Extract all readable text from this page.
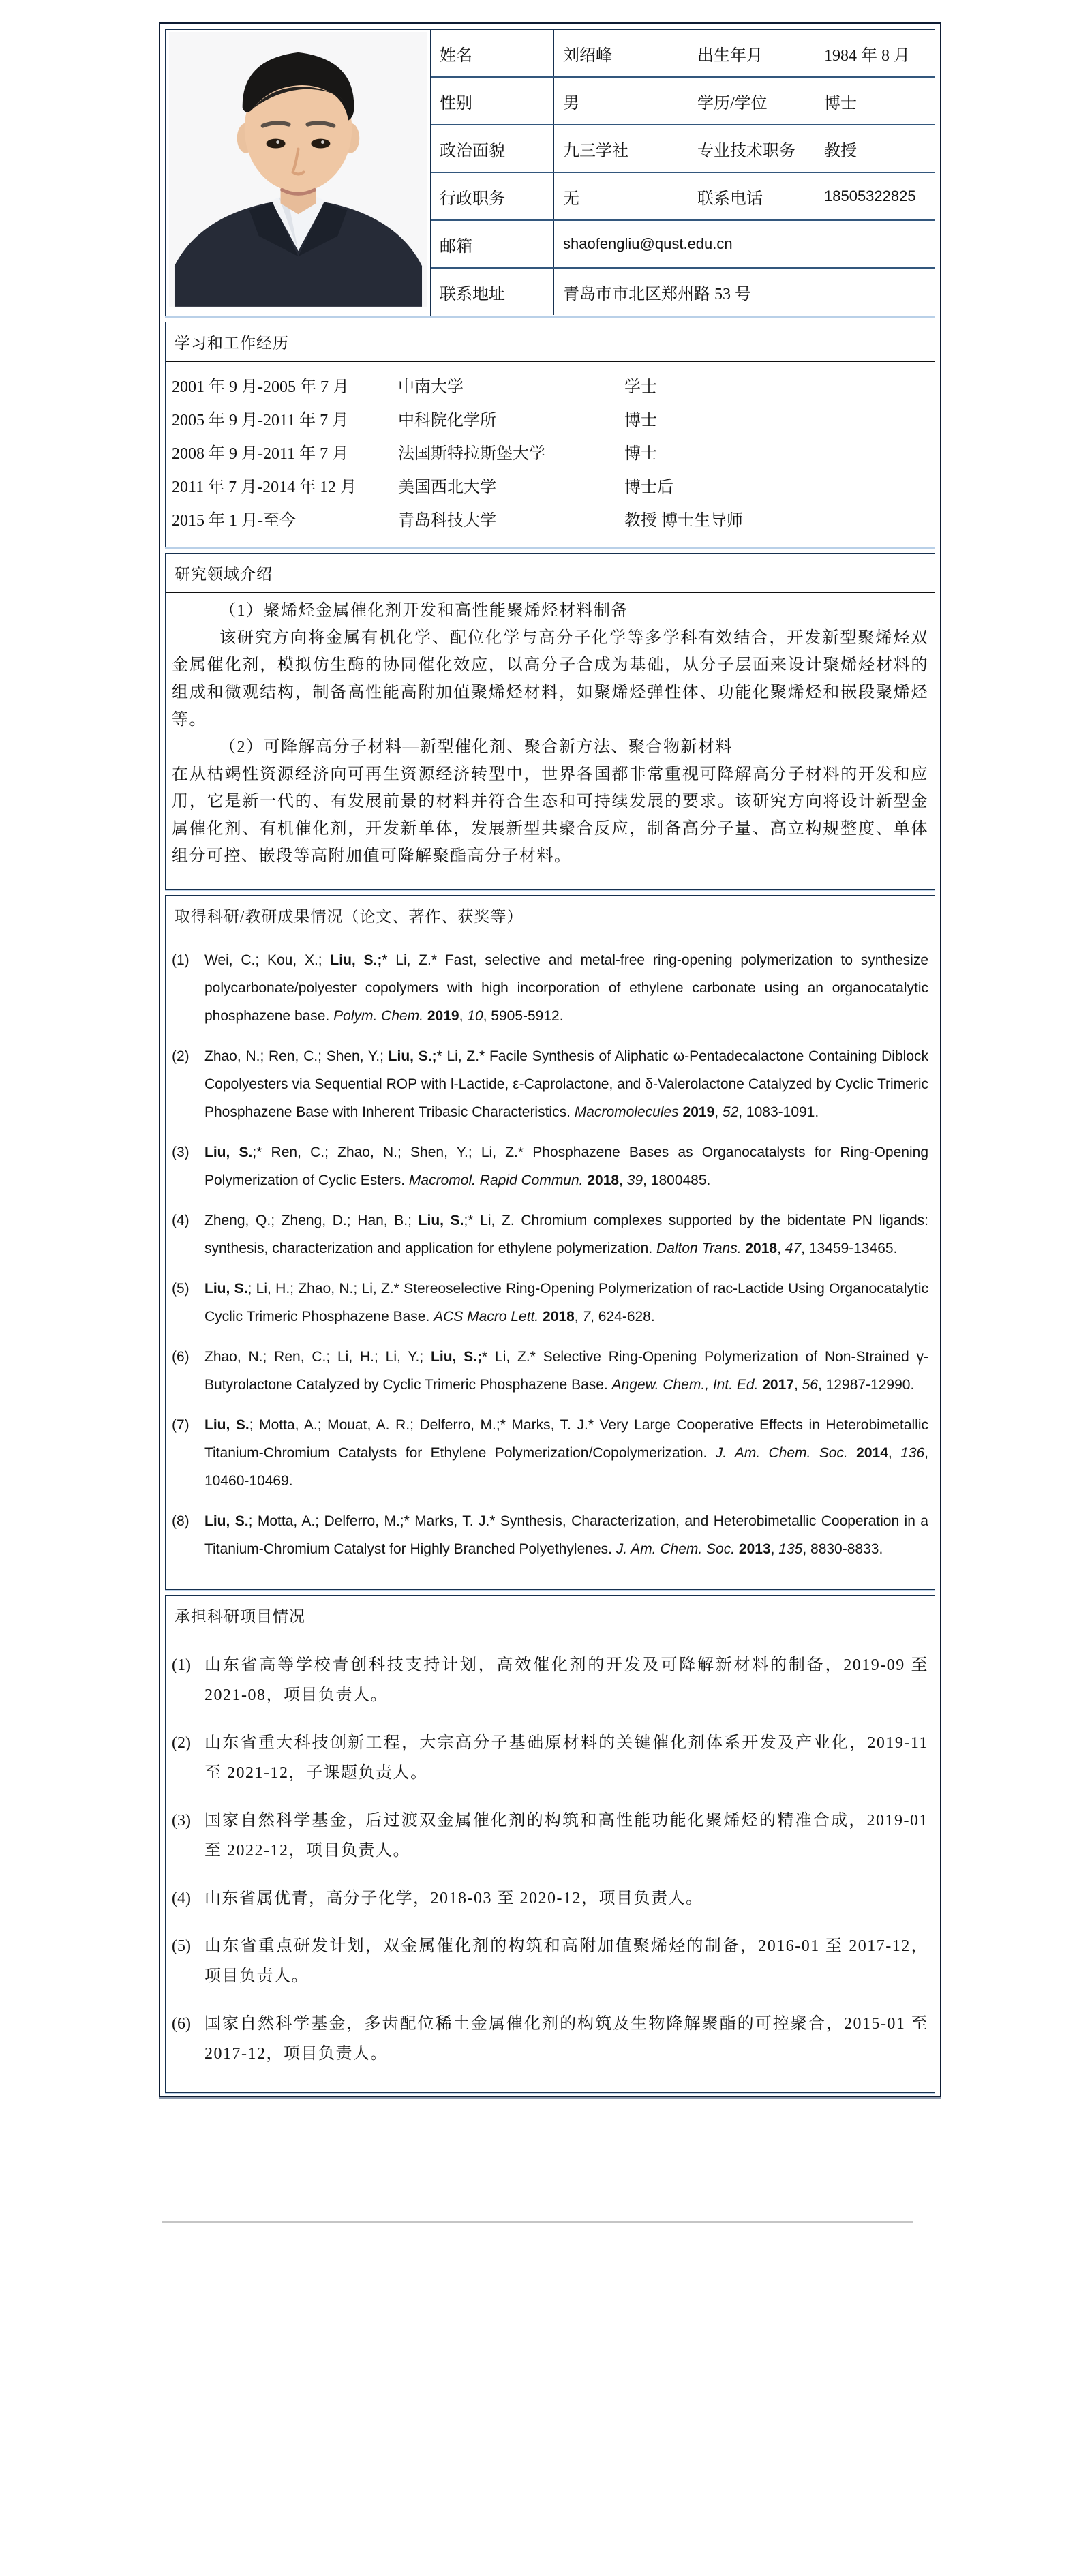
姓名	刘绍峰	出生年月	1984 年 8 月
性别	男	学历/学位	博士
政治面貌	九三学社	专业技术职务	教授
行政职务	无	联系电话	18505322825
邮箱	shaofengliu@qust.edu.cn
联系地址	青岛市市北区郑州路 53 号
学习和工作经历
2001 年 9 月-2005 年 7 月	中南大学	学士
2005 年 9 月-2011 年 7 月	中科院化学所	博士
2008 年 9 月-2011 年 7 月	法国斯特拉斯堡大学	博士
2011 年 7 月-2014 年 12 月	美国西北大学	博士后
2015 年 1 月-至今	青岛科技大学	教授 博士生导师
研究领域介绍

（1）聚烯烃金属催化剂开发和高性能聚烯烃材料制备

该研究方向将金属有机化学、配位化学与高分子化学等多学科有效结合，开发新型聚烯烃双金属催化剂，模拟仿生酶的协同催化效应，以高分子合成为基础，从分子层面来设计聚烯烃材料的组成和微观结构，制备高性能高附加值聚烯烃材料，如聚烯烃弹性体、功能化聚烯烃和嵌段聚烯烃等。

（2）可降解高分子材料—新型催化剂、聚合新方法、聚合物新材料

在从枯竭性资源经济向可再生资源经济转型中，世界各国都非常重视可降解高分子材料的开发和应用，它是新一代的、有发展前景的材料并符合生态和可持续发展的要求。该研究方向将设计新型金属催化剂、有机催化剂，开发新单体，发展新型共聚合反应，制备高分子量、高立构规整度、单体组分可控、嵌段等高附加值可降解聚酯高分子材料。

取得科研/教研成果情况（论文、著作、获奖等）
(1)	Wei, C.; Kou, X.; Liu, S.;* Li, Z.* Fast, selective and metal-free ring-opening polymerization to synthesize polycarbonate/polyester copolymers with high incorporation of ethylene carbonate using an organocatalytic phosphazene base. Polym. Chem. 2019, 10, 5905-5912.
(2)	Zhao, N.; Ren, C.; Shen, Y.; Liu, S.;* Li, Z.* Facile Synthesis of Aliphatic ω-Pentadecalactone Containing Diblock Copolyesters via Sequential ROP with l-Lactide, ε-Caprolactone, and δ-Valerolactone Catalyzed by Cyclic Trimeric Phosphazene Base with Inherent Tribasic Characteristics. Macromolecules 2019, 52, 1083-1091.
(3)	Liu, S.;* Ren, C.; Zhao, N.; Shen, Y.; Li, Z.* Phosphazene Bases as Organocatalysts for Ring-Opening Polymerization of Cyclic Esters. Macromol. Rapid Commun. 2018, 39, 1800485.
(4)	Zheng, Q.; Zheng, D.; Han, B.; Liu, S.;* Li, Z. Chromium complexes supported by the bidentate PN ligands: synthesis, characterization and application for ethylene polymerization. Dalton Trans. 2018, 47, 13459-13465.
(5)	Liu, S.; Li, H.; Zhao, N.; Li, Z.* Stereoselective Ring-Opening Polymerization of rac-Lactide Using Organocatalytic Cyclic Trimeric Phosphazene Base. ACS Macro Lett. 2018, 7, 624-628.
(6)	Zhao, N.; Ren, C.; Li, H.; Li, Y.; Liu, S.;* Li, Z.* Selective Ring-Opening Polymerization of Non-Strained γ-Butyrolactone Catalyzed by Cyclic Trimeric Phosphazene Base. Angew. Chem., Int. Ed. 2017, 56, 12987-12990.
(7)	Liu, S.; Motta, A.; Mouat, A. R.; Delferro, M.;* Marks, T. J.* Very Large Cooperative Effects in Heterobimetallic Titanium-Chromium Catalysts for Ethylene Polymerization/Copolymerization. J. Am. Chem. Soc. 2014, 136, 10460-10469.
(8)	Liu, S.; Motta, A.; Delferro, M.;* Marks, T. J.* Synthesis, Characterization, and Heterobimetallic Cooperation in a Titanium-Chromium Catalyst for Highly Branched Polyethylenes. J. Am. Chem. Soc. 2013, 135, 8830-8833.
承担科研项目情况
(1) 山东省高等学校青创科技支持计划，高效催化剂的开发及可降解新材料的制备，2019-09 至 2021-08，项目负责人。
(2) 山东省重大科技创新工程，大宗高分子基础原材料的关键催化剂体系开发及产业化，2019-11 至 2021-12，子课题负责人。
(3) 国家自然科学基金，后过渡双金属催化剂的构筑和高性能功能化聚烯烃的精准合成，2019-01 至 2022-12，项目负责人。
(4) 山东省属优青，高分子化学，2018-03 至 2020-12，项目负责人。
(5) 山东省重点研发计划，双金属催化剂的构筑和高附加值聚烯烃的制备，2016-01 至 2017-12，项目负责人。
(6) 国家自然科学基金，多齿配位稀土金属催化剂的构筑及生物降解聚酯的可控聚合，2015-01 至 2017-12，项目负责人。
